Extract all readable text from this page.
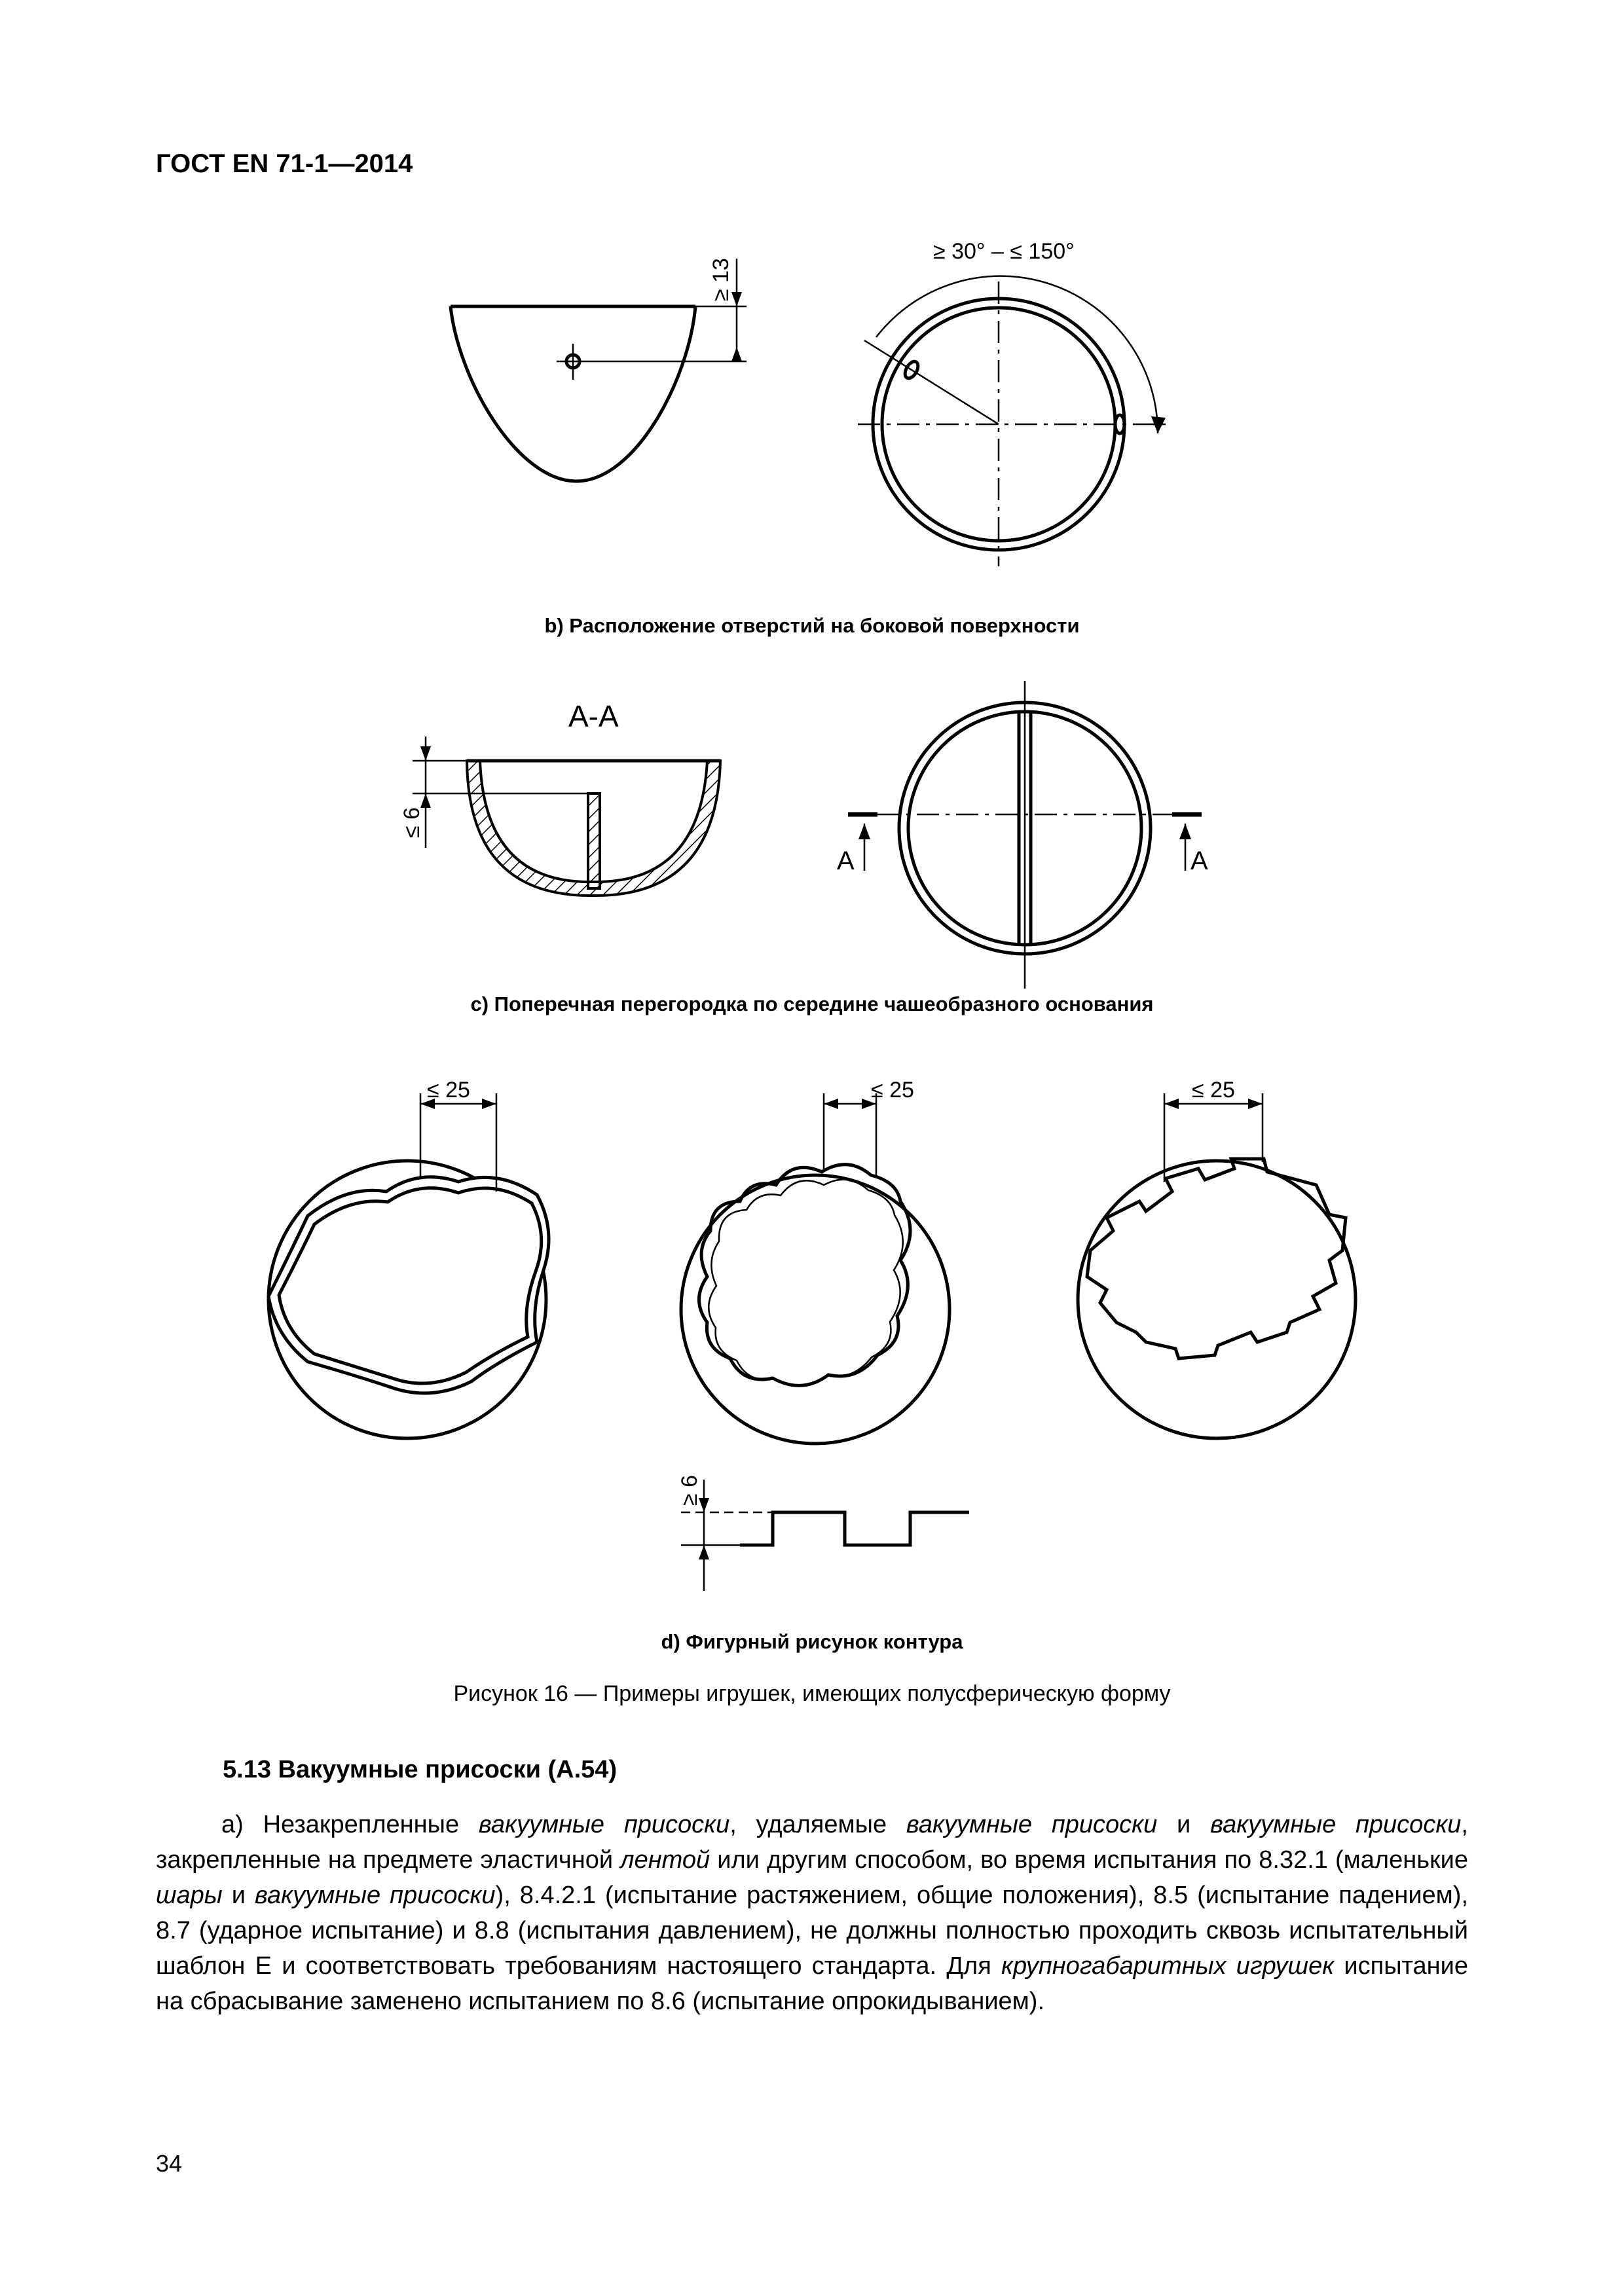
ГОСТ EN 71-1—2014
≥ 13
≥ 30° – ≤ 150°
b) Расположение отверстий на боковой поверхности
А-А
≤ 6
А	А
c) Поперечная перегородка по середине чашеобразного основания
≤ 25	≤ 25	≤ 25
≥ 6
d) Фигурный рисунок контура
Рисунок 16 — Примеры игрушек, имеющих полусферическую форму
5.13 Вакуумные присоски (А.54)
a) Незакрепленные вакуумные присоски, удаляемые вакуумные присоски и вакуумные присоски, закрепленные на предмете эластичной лентой или другим способом, во время испытания по 8.32.1 (маленькие шары и вакуумные присоски), 8.4.2.1 (испытание растяжением, общие положения), 8.5 (испытание падением), 8.7 (ударное испытание) и 8.8 (испытания давлением), не должны полностью проходить сквозь испытательный шаблон E и соответствовать требованиям настоящего стандарта. Для крупногабаритных игрушек испытание на сбрасывание заменено испытанием по 8.6 (испытание опрокидыванием).
34
